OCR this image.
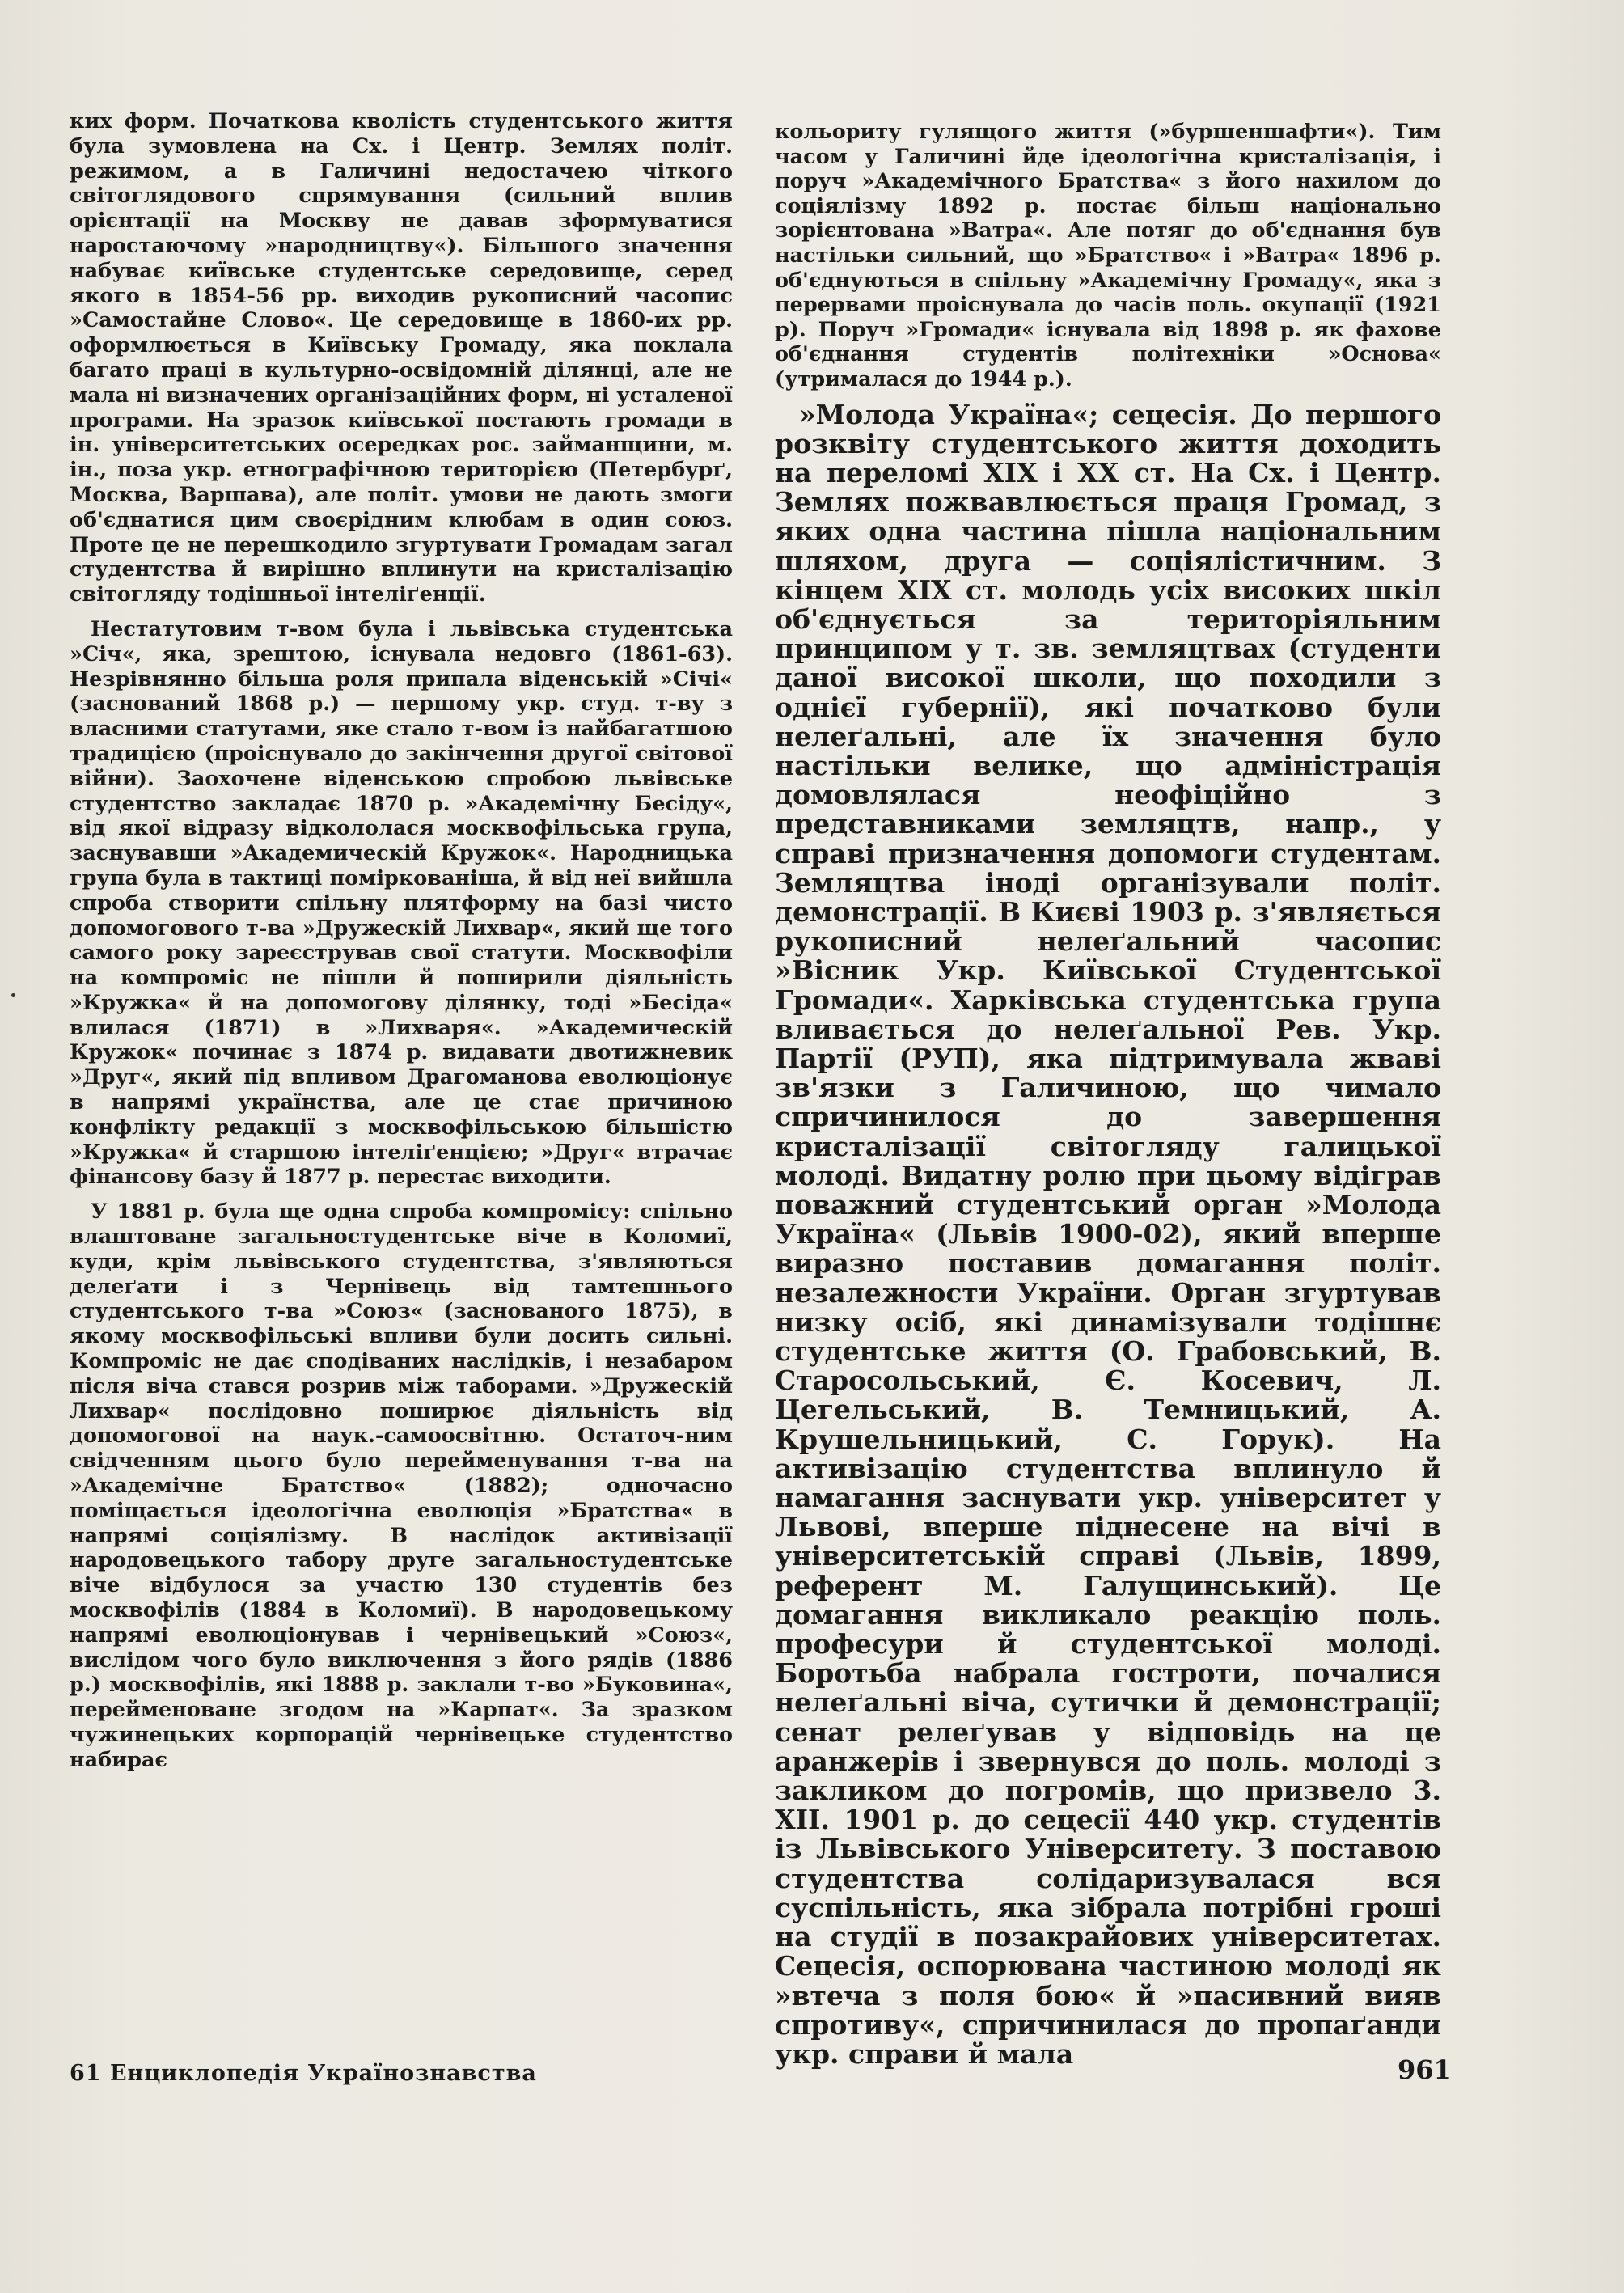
ких форм. Початкова кволість студентського життя була зумовлена на Сх. і Центр. Землях політ. режимом, а в Галичині недостачею чіткого світоглядового спрямування (сильний вплив орієнтації на Москву не давав зформуватися наростаючому »народництву«). Більшого значення набуває київське студентське середовище, серед якого в 1854-56 рр. виходив рукописний часопис »Самостайне Слово«. Це середовище в 1860-их рр. оформлюється в Київську Громаду, яка поклала багато праці в культурно-освідомній ділянці, але не мала ні визначених організаційних форм, ні усталеної програми. На зразок київської постають громади в ін. університетських осередках рос. займанщини, м. ін., поза укр. етнографічною територією (Петербурґ, Москва, Варшава), але політ. умови не дають змоги об'єднатися цим своєрідним клюбам в один союз. Проте це не перешкодило згуртувати Громадам загал студентства й вирішно вплинути на кристалізацію світогляду тодішньої інтеліґенції.

Нестатутовим т-вом була і львівська студентська »Січ«, яка, зрештою, існувала недовго (1861-63). Незрівнянно більша роля припала віденській »Січі« (заснований 1868 р.) — першому укр. студ. т-ву з власними статутами, яке стало т-вом із найбагатшою традицією (проіснувало до закінчення другої світової війни). Заохочене віденською спробою львівське студентство закладає 1870 р. »Академічну Бесіду«, від якої відразу відкололася москвофільська група, заснувавши »Академическій Кружок«. Народницька група була в тактиці поміркованіша, й від неї вийшла спроба створити спільну плятформу на базі чисто допомогового т-ва »Дружескій Лихвар«, який ще того самого року зареєстрував свої статути. Москвофіли на компроміс не пішли й поширили діяльність »Кружка« й на допомогову ділянку, тоді »Бесіда« влилася (1871) в »Лихваря«. »Академическій Кружок« починає з 1874 р. видавати двотижневик »Друг«, який під впливом Драгоманова еволюціонує в напрямі українства, але це стає причиною конфлікту редакції з москвофільською більшістю »Кружка« й старшою інтеліґенцією; »Друг« втрачає фінансову базу й 1877 р. перестає виходити.

У 1881 р. була ще одна спроба компромісу: спільно влаштоване загальностудентське віче в Коломиї, куди, крім львівського студентства, з'являються делеґати і з Чернівець від тамтешнього студентського т-ва »Союз« (заснованого 1875), в якому москвофільські впливи були досить сильні. Компроміс не дає сподіваних наслідків, і незабаром після віча стався розрив між таборами. »Дружескій Лихвар« послідовно поширює діяльність від допомогової на наук.-самоосвітню. Остаточ-ним свідченням цього було перейменування т-ва на »Академічне Братство« (1882); одночасно поміщається ідеологічна еволюція »Братства« в напрямі соціялізму. В наслідок активізації народовецького табору друге загальностудентське віче відбулося за участю 130 студентів без москвофілів (1884 в Коломиї). В народовецькому напрямі еволюціонував і чернівецький »Союз«, вислідом чого було виключення з його рядів (1886 р.) москвофілів, які 1888 р. заклали т-во »Буковина«, перейменоване згодом на »Карпат«. За зразком чужинецьких корпорацій чернівецьке студентство набирає

кольориту гулящого життя (»буршеншафти«). Тим часом у Галичині йде ідеологічна кристалізація, і поруч »Академічного Братства« з його нахилом до соціялізму 1892 р. постає більш національно зорієнтована »Ватра«. Але потяг до об'єднання був настільки сильний, що »Братство« і »Ватра« 1896 р. об'єднуються в спільну »Академічну Громаду«, яка з перервами проіснувала до часів поль. окупації (1921 р). Поруч »Громади« існувала від 1898 р. як фахове об'єднання студентів політехніки »Основа« (утрималася до 1944 р.).

»Молода Україна«; сецесія. До першого розквіту студентського життя доходить на переломі XIX і XX ст. На Сх. і Центр. Землях пожвавлюється праця Громад, з яких одна частина пішла національним шляхом, друга — соціялістичним. З кінцем XIX ст. молодь усіх високих шкіл об'єднується за територіяльним принципом у т. зв. земляцтвах (студенти даної високої школи, що походили з однієї губернії), які початково були нелеґальні, але їх значення було настільки велике, що адміністрація домовлялася неофіційно з представниками земляцтв, напр., у справі призначення допомоги студентам. Земляцтва іноді організували політ. демонстрації. В Києві 1903 р. з'являється рукописний нелеґальний часопис »Вісник Укр. Київської Студентської Громади«. Харківська студентська група вливається до нелеґальної Рев. Укр. Партії (РУП), яка підтримувала жваві зв'язки з Галичиною, що чимало спричинилося до завершення кристалізації світогляду галицької молоді. Видатну ролю при цьому відіграв поважний студентський орган »Молода Україна« (Львів 1900-02), який вперше виразно поставив домагання політ. незалежности України. Орган згуртував низку осіб, які динамізували тодішнє студентське життя (О. Грабовський, В. Старосольський, Є. Косевич, Л. Цегельський, В. Темницький, А. Крушельницький, С. Горук). На активізацію студентства вплинуло й намагання заснувати укр. університет у Львові, вперше піднесене на вічі в університетській справі (Львів, 1899, референт М. Галущинський). Це домагання викликало реакцію поль. професури й студентської молоді. Боротьба набрала гостроти, почалися нелеґальні віча, сутички й демонстрації; сенат релеґував у відповідь на це аранжерів і звернувся до поль. молоді з закликом до погромів, що призвело 3. XII. 1901 р. до сецесії 440 укр. студентів із Львівського Університету. З поставою студентства солідаризувалася вся суспільність, яка зібрала потрібні гроші на студії в позакрайових університетах. Сецесія, оспорювана частиною молоді як »втеча з поля бою« й »пасивний вияв спротиву«, спричинилася до пропаґанди укр. справи й мала

61 Енциклопедія Українознавства	961
